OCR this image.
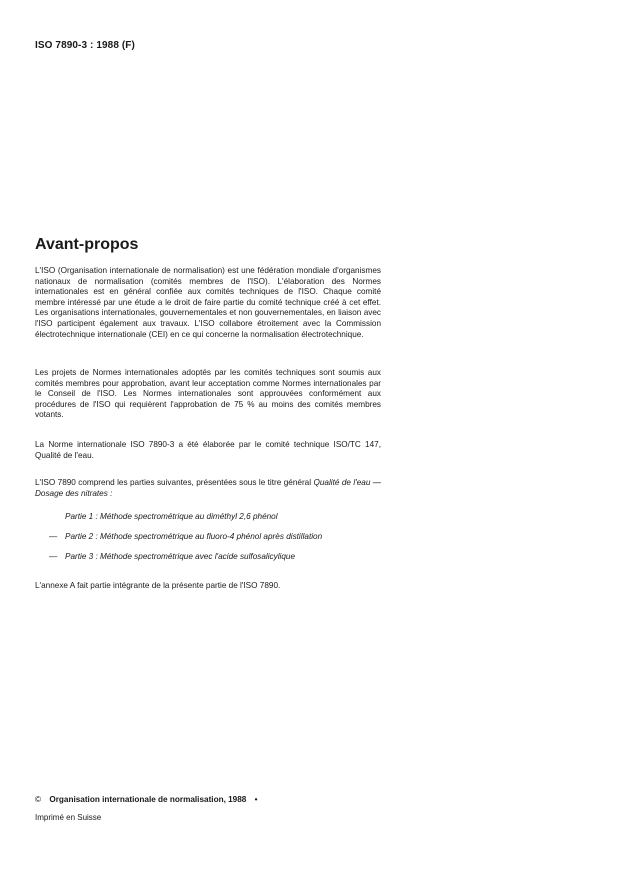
ISO 7890-3 : 1988 (F)
Avant-propos

L'ISO (Organisation internationale de normalisation) est une fédération mondiale d'organismes nationaux de normalisation (comités membres de l'ISO). L'élaboration des Normes internationales est en général confiée aux comités techniques de l'ISO. Chaque comité membre intéressé par une étude a le droit de faire partie du comité technique créé à cet effet. Les organisations internationales, gouvernementales et non gouvernementales, en liaison avec l'ISO participent également aux travaux. L'ISO collabore étroitement avec la Commission électrotechnique internationale (CEI) en ce qui concerne la normalisation électrotechnique.

Les projets de Normes internationales adoptés par les comités techniques sont soumis aux comités membres pour approbation, avant leur acceptation comme Normes internationales par le Conseil de l'ISO. Les Normes internationales sont approuvées conformément aux procédures de l'ISO qui requièrent l'approbation de 75 % au moins des comités membres votants.

La Norme internationale ISO 7890-3 a été élaborée par le comité technique ISO/TC 147, Qualité de l'eau.

L'ISO 7890 comprend les parties suivantes, présentées sous le titre général Qualité de l'eau — Dosage des nitrates :

Partie 1 : Méthode spectrométrique au diméthyl 2,6 phénol
— Partie 2 : Méthode spectrométrique au fluoro-4 phénol après distillation
— Partie 3 : Méthode spectrométrique avec l'acide sulfosalicylique

L'annexe A fait partie intégrante de la présente partie de l'ISO 7890.

© Organisation internationale de normalisation, 1988 •
Imprimé en Suisse
